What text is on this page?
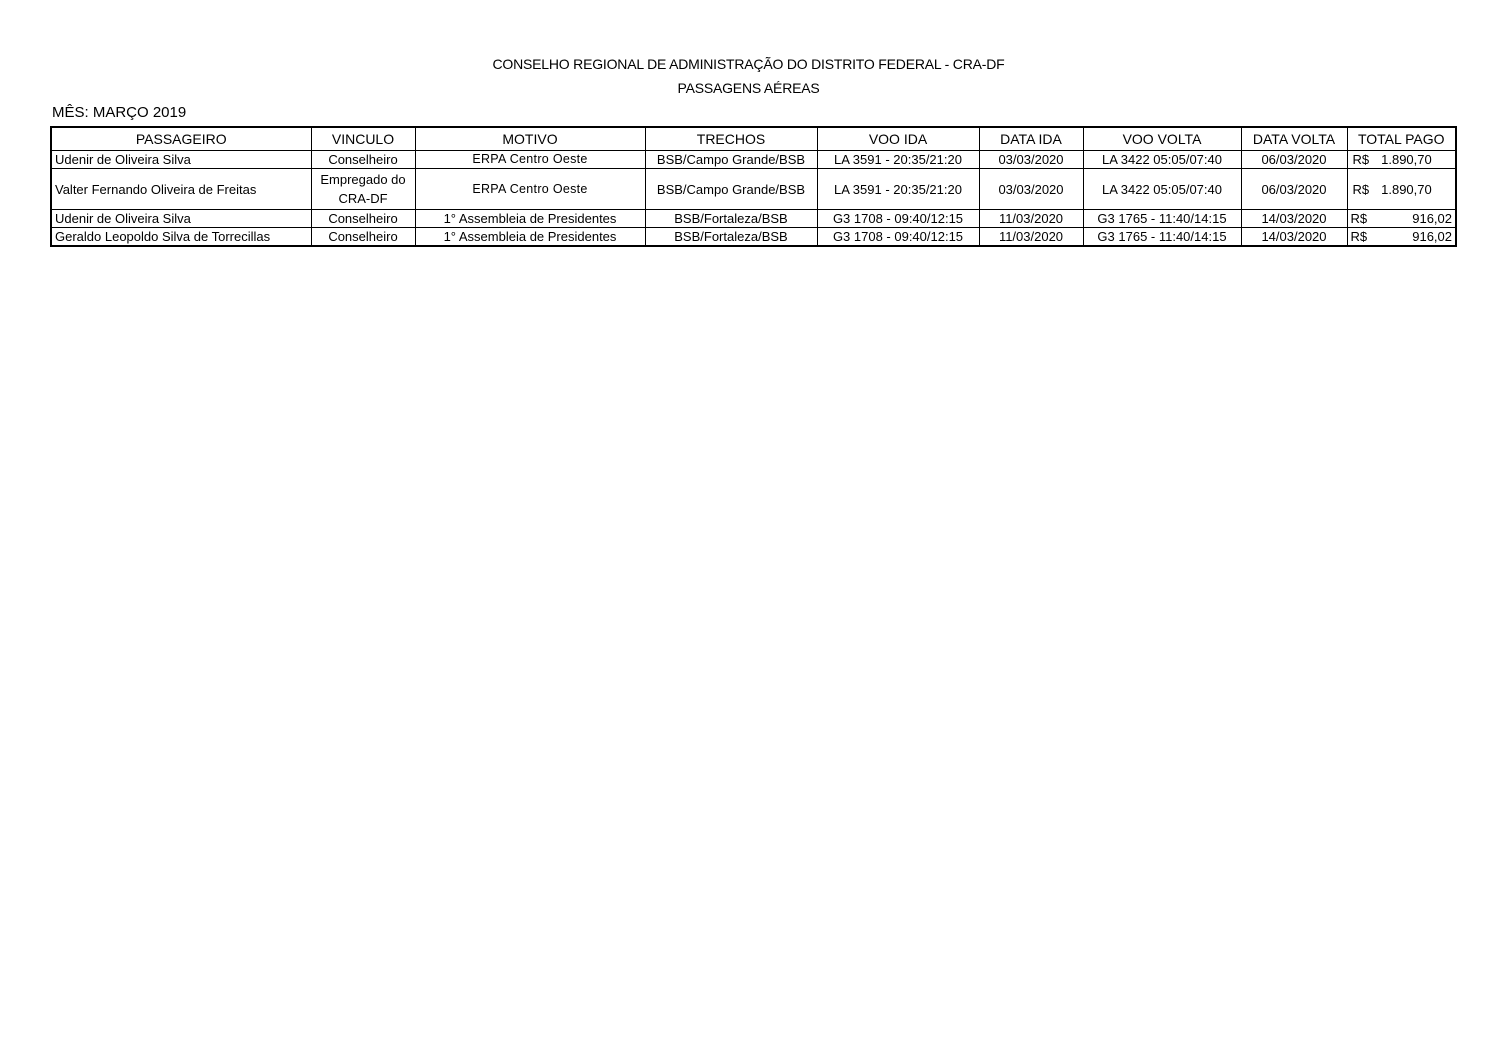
CONSELHO REGIONAL DE ADMINISTRAÇÃO DO DISTRITO FEDERAL - CRA-DF
PASSAGENS AÉREAS
MÊS: MARÇO 2019
PASSAGEIRO	VINCULO	MOTIVO	TRECHOS	VOO IDA	DATA IDA	VOO VOLTA	DATA VOLTA	TOTAL PAGO
Udenir de Oliveira Silva	Conselheiro	ERPA Centro Oeste	BSB/Campo Grande/BSB	LA 3591 - 20:35/21:20	03/03/2020	LA 3422 05:05/07:40	06/03/2020	R$ 1.890,70
Valter Fernando Oliveira de Freitas	Empregado do CRA-DF	ERPA Centro Oeste	BSB/Campo Grande/BSB	LA 3591 - 20:35/21:20	03/03/2020	LA 3422 05:05/07:40	06/03/2020	R$ 1.890,70
Udenir de Oliveira Silva	Conselheiro	1° Assembleia de Presidentes	BSB/Fortaleza/BSB	G3 1708 - 09:40/12:15	11/03/2020	G3 1765 - 11:40/14:15	14/03/2020	R$ 916,02

Geraldo Leopoldo Silva de Torrecillas	Conselheiro	1° Assembleia de Presidentes	BSB/Fortaleza/BSB	G3 1708 - 09:40/12:15	11/03/2020	G3 1765 - 11:40/14:15	14/03/2020	R$ 916,02
